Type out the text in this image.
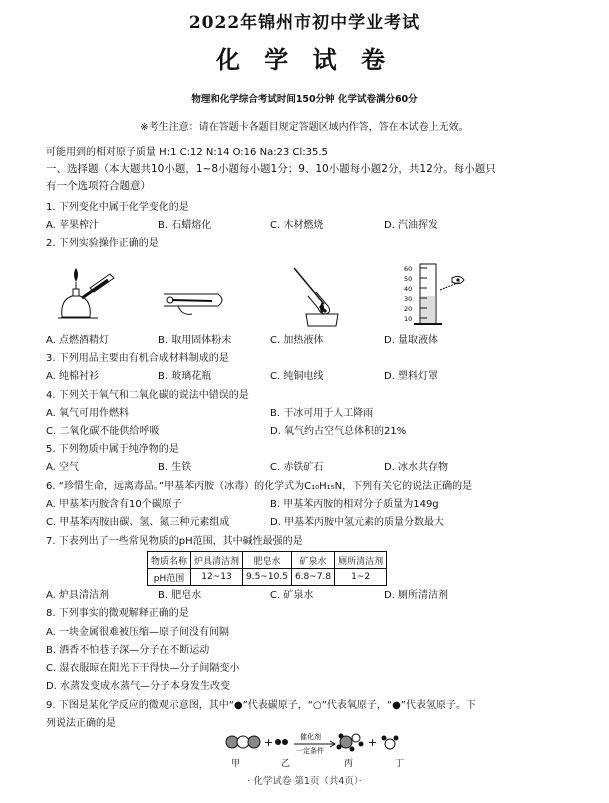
2022年锦州市初中学业考试
化 学 试 卷
物理和化学综合考试时间150分钟 化学试卷满分60分
※考生注意：请在答题卡各题目规定答题区域内作答，答在本试卷上无效。
可能用到的相对原子质量 H:1 C:12 N:14 O:16 Na:23 Cl:35.5
一、选择题（本大题共10小题，1~8小题每小题1分；9、10小题每小题2分，共12分。每小题只
有一个选项符合题意）
1. 下列变化中属于化学变化的是
A. 苹果榨汁	B. 石蜡熔化	C. 木材燃烧	D. 汽油挥发
2. 下列实验操作正确的是
60
50
40
30
20
10
A. 点燃酒精灯	B. 取用固体粉末	C. 加热液体	D. 量取液体
3. 下列用品主要由有机合成材料制成的是
A. 纯棉衬衫	B. 玻璃花瓶	C. 纯铜电线	D. 塑料灯罩
4. 下列关于氧气和二氧化碳的说法中错误的是
A. 氧气可用作燃料	B. 干冰可用于人工降雨
C. 二氧化碳不能供给呼吸	D. 氧气约占空气总体积的21%
5. 下列物质中属于纯净物的是
A. 空气	B. 生铁	C. 赤铁矿石	D. 冰水共存物
6. “珍惜生命，远离毒品。”甲基苯丙胺（冰毒）的化学式为C₁₀H₁₅N，下列有关它的说法正确的是
A. 甲基苯丙胺含有10个碳原子	B. 甲基苯丙胺的相对分子质量为149g
C. 甲基苯丙胺由碳、氢、氮三种元素组成	D. 甲基苯丙胺中氢元素的质量分数最大
7. 下表列出了一些常见物质的pH范围，其中碱性最强的是
物质名称	炉具清洁剂	肥皂水	矿泉水	厕所清洁剂
pH范围	12~13	9.5~10.5	6.8~7.8	1~2
A. 炉具清洁剂	B. 肥皂水	C. 矿泉水	D. 厕所清洁剂
8. 下列事实的微观解释正确的是
A. 一块金属很难被压缩—原子间没有间隔
B. 酒香不怕巷子深—分子在不断运动
C. 湿衣服晾在阳光下干得快—分子间隔变小
D. 水蒸发变成水蒸气—分子本身发生改变
9. 下图是某化学反应的微观示意图，其中“●”代表碳原子，“○”代表氧原子，“●”代表氢原子。下
列说法正确的是
+	催化剂
一定条件
+
甲	乙	丙	丁
· 化学试卷 第1页（共4页）·
